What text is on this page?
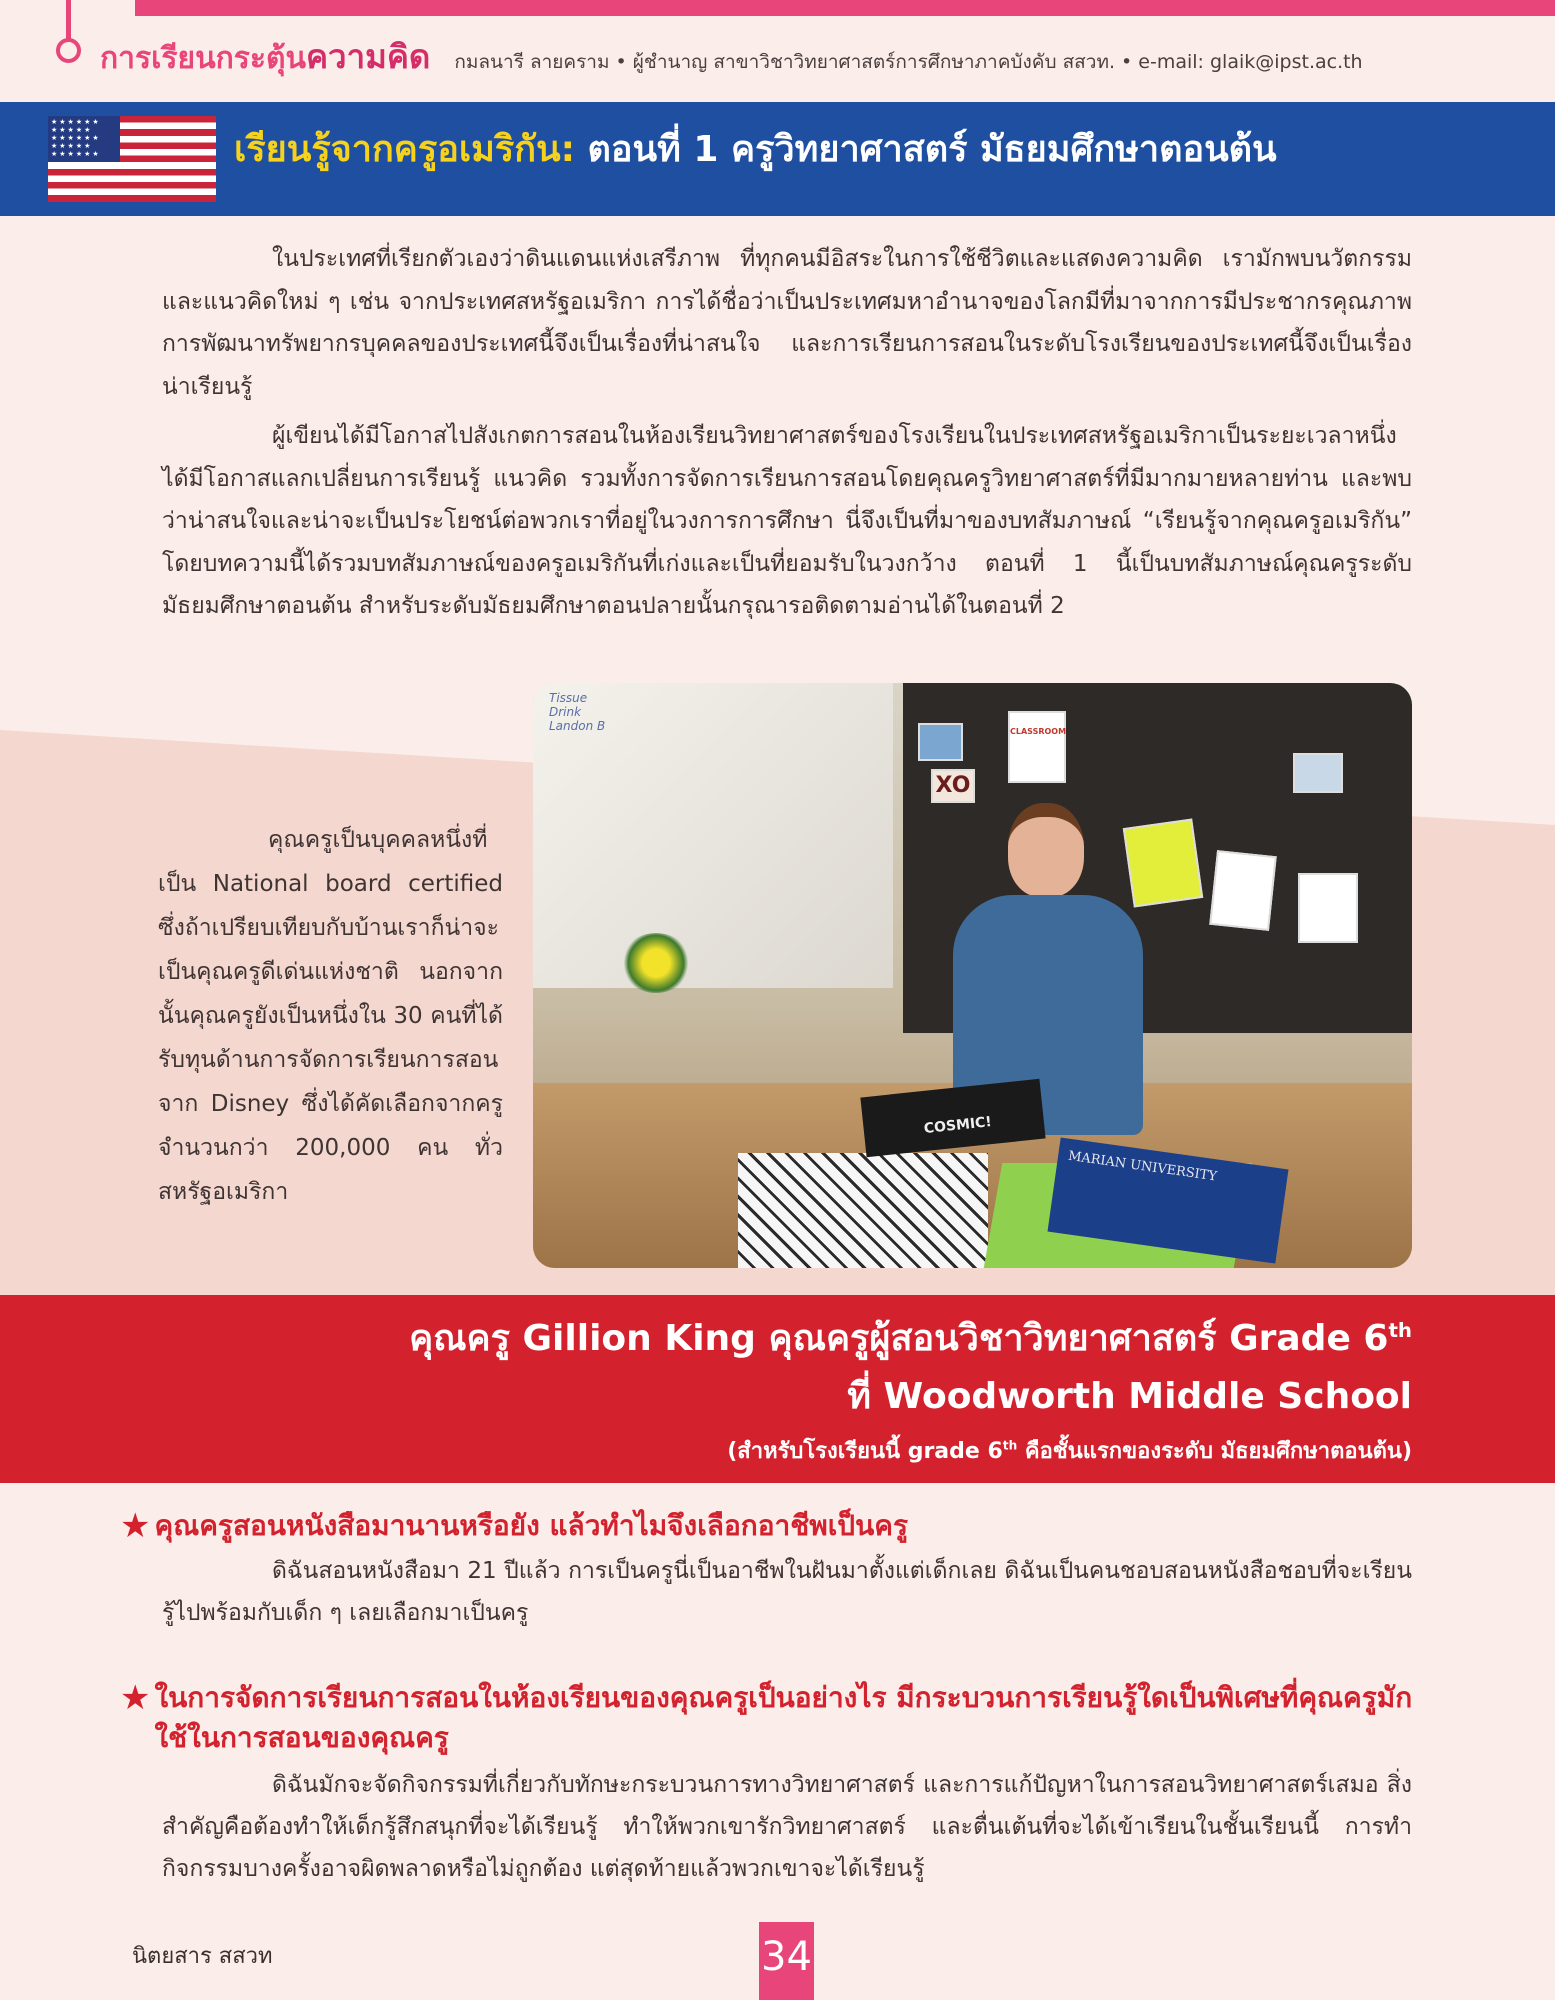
การเรียนกระตุ้นความคิด กมลนารี ลายคราม • ผู้ชำนาญ สาขาวิชาวิทยาศาสตร์การศึกษาภาคบังคับ สสวท. • e-mail: glaik@ipst.ac.th
★★★★★★ ★★★★★ ★★★★★★ ★★★★★ ★★★★★★	เรียนรู้จากครูอเมริกัน: ตอนที่ 1 ครูวิทยาศาสตร์ มัธยมศึกษาตอนต้น
ในประเทศที่เรียกตัวเองว่าดินแดนแห่งเสรีภาพ ที่ทุกคนมีอิสระในการใช้ชีวิตและแสดงความคิด เรามักพบนวัตกรรม และแนวคิดใหม่ ๆ เช่น จากประเทศสหรัฐอเมริกา การได้ชื่อว่าเป็นประเทศมหาอำนาจของโลกมีที่มาจากการมีประชากรคุณภาพ การพัฒนาทรัพยากรบุคคลของประเทศนี้จึงเป็นเรื่องที่น่าสนใจ และการเรียนการสอนในระดับโรงเรียนของประเทศนี้จึงเป็นเรื่องน่าเรียนรู้
ผู้เขียนได้มีโอกาสไปสังเกตการสอนในห้องเรียนวิทยาศาสตร์ของโรงเรียนในประเทศสหรัฐอเมริกาเป็นระยะเวลาหนึ่ง ได้มีโอกาสแลกเปลี่ยนการเรียนรู้ แนวคิด รวมทั้งการจัดการเรียนการสอนโดยคุณครูวิทยาศาสตร์ที่มีมากมายหลายท่าน และพบว่าน่าสนใจและน่าจะเป็นประโยชน์ต่อพวกเราที่อยู่ในวงการการศึกษา นี่จึงเป็นที่มาของบทสัมภาษณ์ “เรียนรู้จากคุณครูอเมริกัน” โดยบทความนี้ได้รวมบทสัมภาษณ์ของครูอเมริกันที่เก่งและเป็นที่ยอมรับในวงกว้าง ตอนที่ 1 นี้เป็นบทสัมภาษณ์คุณครูระดับมัธยมศึกษาตอนต้น สำหรับระดับมัธยมศึกษาตอนปลายนั้นกรุณารอติดตามอ่านได้ในตอนที่ 2
คุณครูเป็นบุคคลหนึ่งที่เป็น National board certified ซึ่งถ้าเปรียบเทียบกับบ้านเราก็น่าจะเป็นคุณครูดีเด่นแห่งชาติ นอกจากนั้นคุณครูยังเป็นหนึ่งใน 30 คนที่ได้รับทุนด้านการจัดการเรียนการสอนจาก Disney ซึ่งได้คัดเลือกจากครูจำนวนกว่า 200,000 คน ทั่วสหรัฐอเมริกา
Tissue
Drink
Landon B	CLASSROOM
XO
COSMIC!
MARIAN UNIVERSITY
คุณครู Gillion King คุณครูผู้สอนวิชาวิทยาศาสตร์ Grade 6th
ที่ Woodworth Middle School
(สำหรับโรงเรียนนี้ grade 6th คือชั้นแรกของระดับ มัธยมศึกษาตอนต้น)
★ คุณครูสอนหนังสือมานานหรือยัง แล้วทำไมจึงเลือกอาชีพเป็นครู
ดิฉันสอนหนังสือมา 21 ปีแล้ว การเป็นครูนี่เป็นอาชีพในฝันมาตั้งแต่เด็กเลย ดิฉันเป็นคนชอบสอนหนังสือชอบที่จะเรียนรู้ไปพร้อมกับเด็ก ๆ เลยเลือกมาเป็นครู
★ ในการจัดการเรียนการสอนในห้องเรียนของคุณครูเป็นอย่างไร มีกระบวนการเรียนรู้ใดเป็นพิเศษที่คุณครูมักใช้ในการสอนของคุณครู
ดิฉันมักจะจัดกิจกรรมที่เกี่ยวกับทักษะกระบวนการทางวิทยาศาสตร์ และการแก้ปัญหาในการสอนวิทยาศาสตร์เสมอ สิ่งสำคัญคือต้องทำให้เด็กรู้สึกสนุกที่จะได้เรียนรู้ ทำให้พวกเขารักวิทยาศาสตร์ และตื่นเต้นที่จะได้เข้าเรียนในชั้นเรียนนี้ การทำกิจกรรมบางครั้งอาจผิดพลาดหรือไม่ถูกต้อง แต่สุดท้ายแล้วพวกเขาจะได้เรียนรู้
นิตยสาร สสวท	34
